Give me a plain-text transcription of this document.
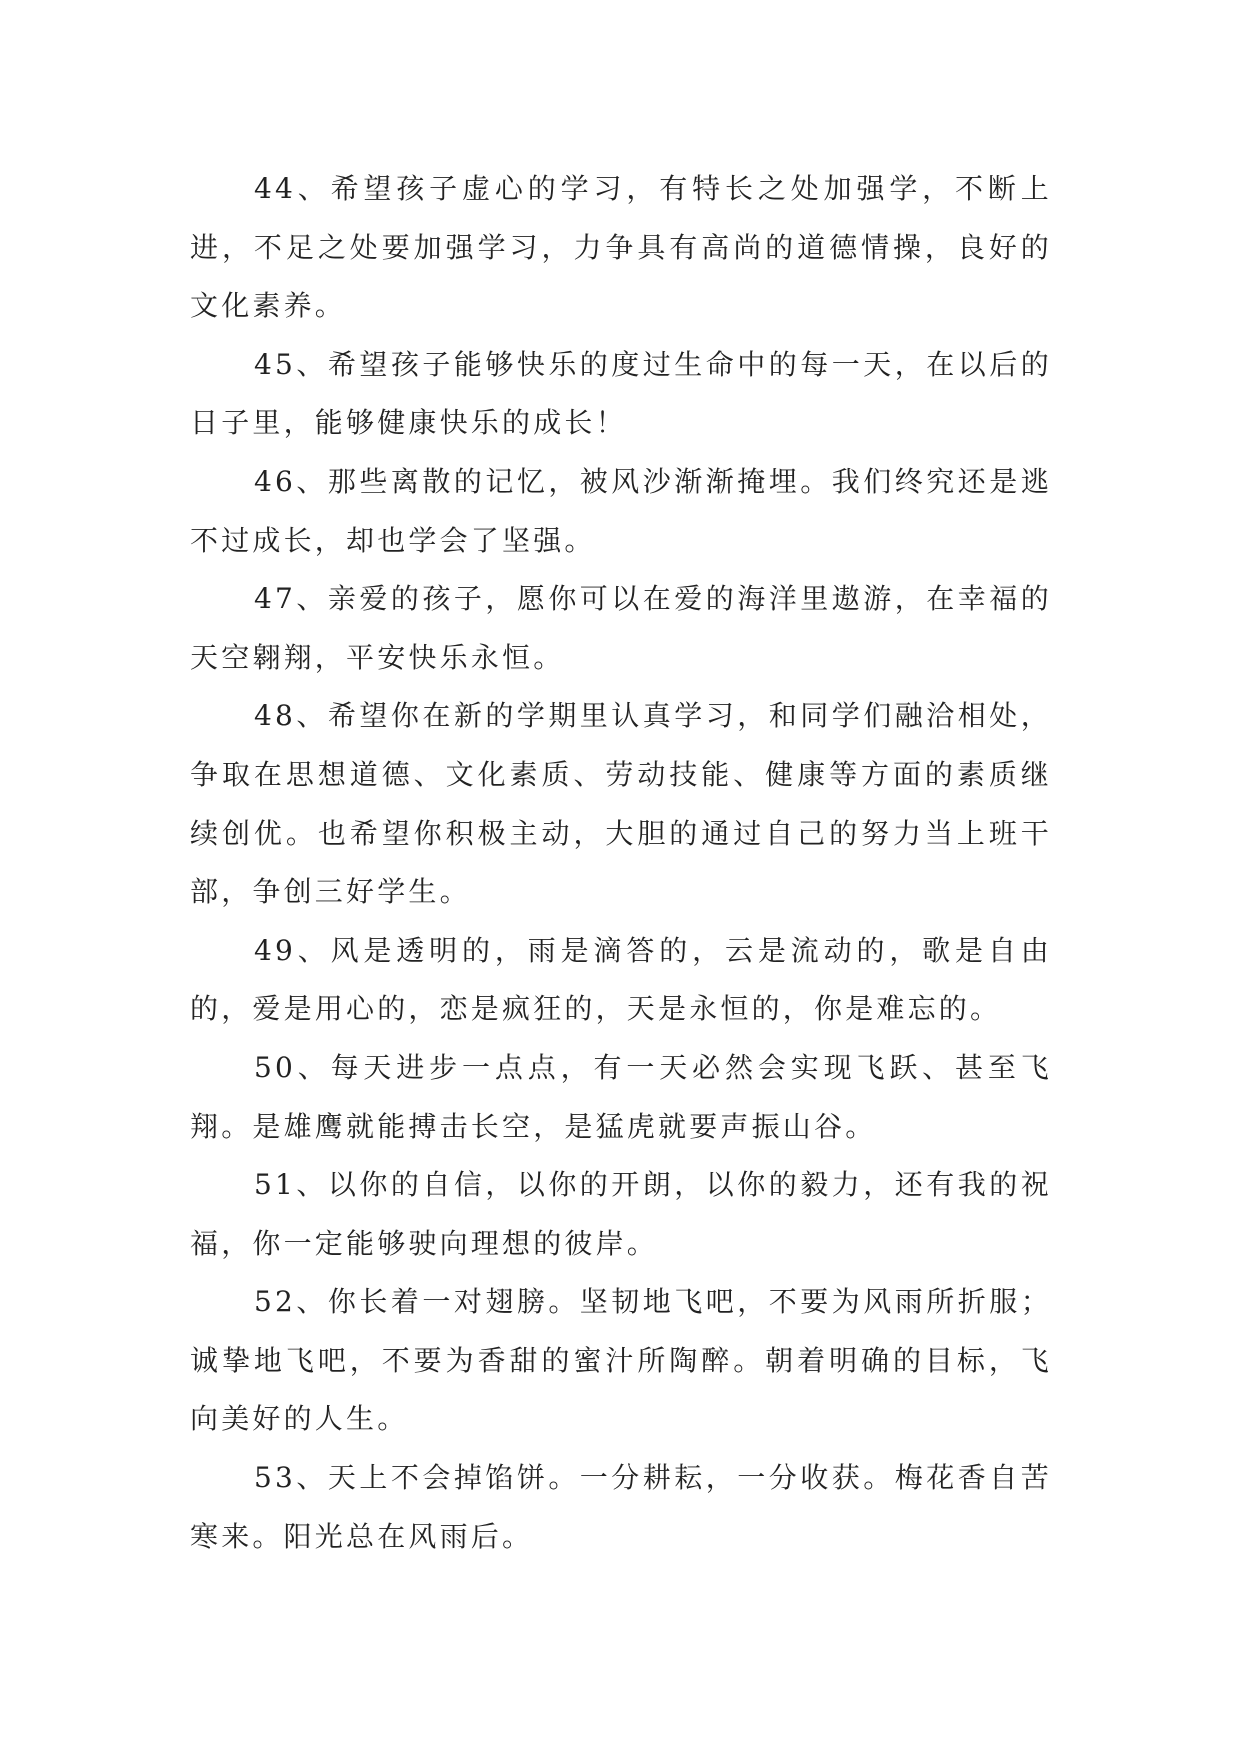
44、希望孩子虚心的学习，有特长之处加强学，不断上进，不足之处要加强学习，力争具有高尚的道德情操，良好的文化素养。

45、希望孩子能够快乐的度过生命中的每一天，在以后的日子里，能够健康快乐的成长！

46、那些离散的记忆，被风沙渐渐掩埋。我们终究还是逃不过成长，却也学会了坚强。

47、亲爱的孩子，愿你可以在爱的海洋里遨游，在幸福的天空翱翔，平安快乐永恒。

48、希望你在新的学期里认真学习，和同学们融洽相处，争取在思想道德、文化素质、劳动技能、健康等方面的素质继续创优。也希望你积极主动，大胆的通过自己的努力当上班干部，争创三好学生。

49、风是透明的，雨是滴答的，云是流动的，歌是自由的，爱是用心的，恋是疯狂的，天是永恒的，你是难忘的。

50、每天进步一点点，有一天必然会实现飞跃、甚至飞翔。是雄鹰就能搏击长空，是猛虎就要声振山谷。

51、以你的自信，以你的开朗，以你的毅力，还有我的祝福，你一定能够驶向理想的彼岸。

52、你长着一对翅膀。坚韧地飞吧，不要为风雨所折服；诚挚地飞吧，不要为香甜的蜜汁所陶醉。朝着明确的目标，飞向美好的人生。

53、天上不会掉馅饼。一分耕耘，一分收获。梅花香自苦寒来。阳光总在风雨后。
